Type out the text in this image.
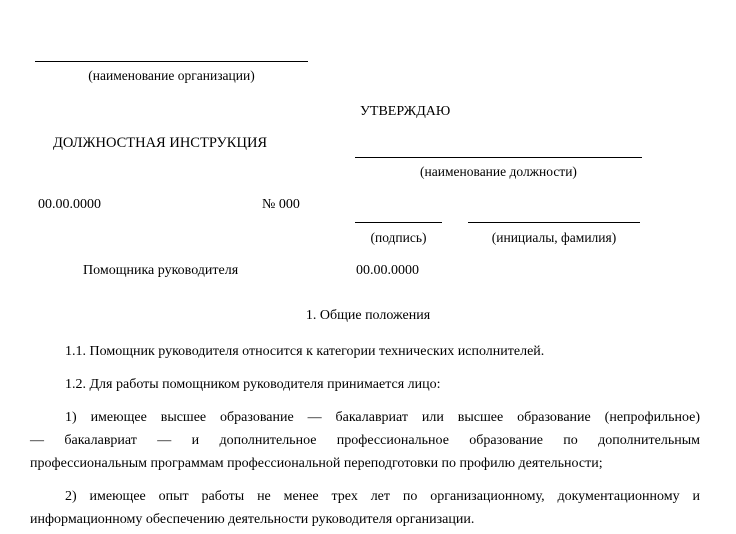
(наименование организации)
УТВЕРЖДАЮ
ДОЛЖНОСТНАЯ ИНСТРУКЦИЯ
(наименование должности)
00.00.0000	№ 000
(подпись)	(инициалы, фамилия)
Помощника руководителя	00.00.0000
1. Общие положения

1.1. Помощник руководителя относится к категории технических исполнителей.

1.2. Для работы помощником руководителя принимается лицо:

1) имеющее высшее образование — бакалавриат или высшее образование (непрофильное)
— бакалавриат — и дополнительное профессиональное образование по дополнительным
профессиональным программам профессиональной переподготовки по профилю деятельности;
2) имеющее опыт работы не менее трех лет по организационному, документационному и
информационному обеспечению деятельности руководителя организации.
